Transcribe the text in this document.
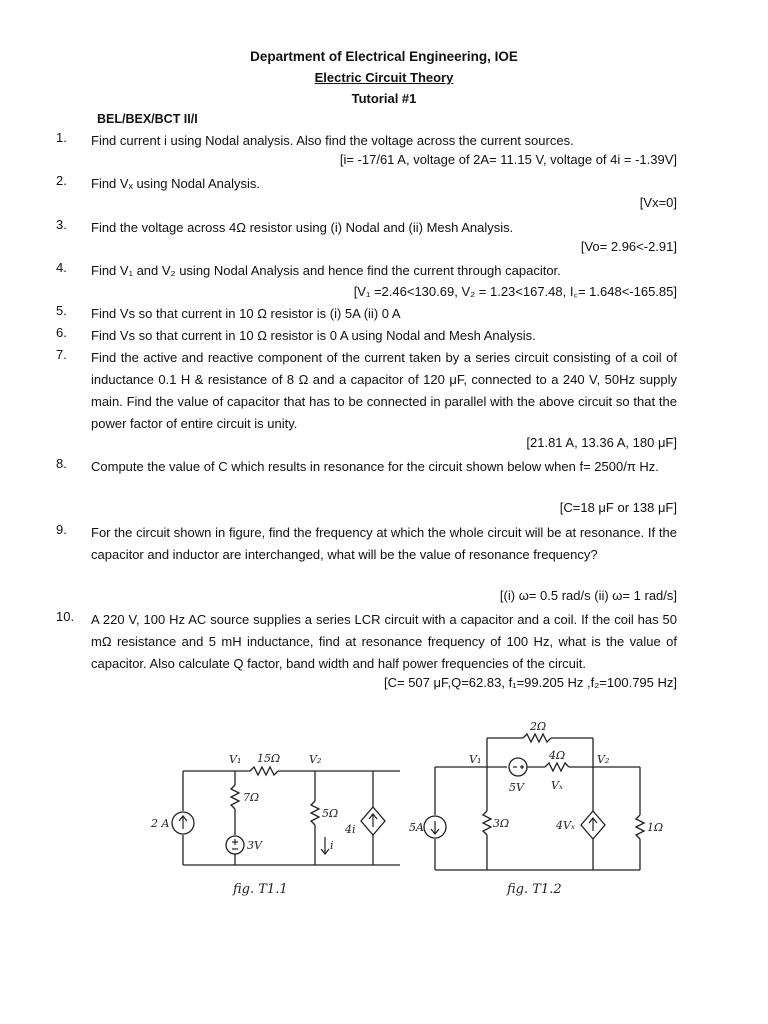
Department of Electrical Engineering, IOE
Electric Circuit Theory
Tutorial #1
BEL/BEX/BCT II/I
1. Find current i using Nodal analysis. Also find the voltage across the current sources.
[i= -17/61 A, voltage of 2A= 11.15 V, voltage of 4i = -1.39V]
2. Find Vₓ using Nodal Analysis.
[Vx=0]
3. Find the voltage across 4Ω resistor using (i) Nodal and (ii) Mesh Analysis.
[Vo= 2.96<-2.91]
4. Find V₁ and V₂ using Nodal Analysis and hence find the current through capacitor.
[V₁ =2.46<130.69, V₂ = 1.23<167.48, I꜀= 1.648<-165.85]
5. Find Vs so that current in 10 Ω resistor is (i) 5A (ii) 0 A
6. Find Vs so that current in 10 Ω resistor is 0 A using Nodal and Mesh Analysis.
7. Find the active and reactive component of the current taken by a series circuit consisting of a coil of inductance 0.1 H & resistance of 8 Ω and a capacitor of 120 μF, connected to a 240 V, 50Hz supply main. Find the value of capacitor that has to be connected in parallel with the above circuit so that the power factor of entire circuit is unity.
[21.81 A, 13.36 A, 180 μF]
8. Compute the value of C which results in resonance for the circuit shown below when f= 2500/π Hz.
[C=18 μF or 138 μF]
9. For the circuit shown in figure, find the frequency at which the whole circuit will be at resonance. If the capacitor and inductor are interchanged, what will be the value of resonance frequency?
[(i) ω= 0.5 rad/s (ii) ω= 1 rad/s]
10. A 220 V, 100 Hz AC source supplies a series LCR circuit with a capacitor and a coil. If the coil has 50 mΩ resistance and 5 mH inductance, find at resonance frequency of 100 Hz, what is the value of capacitor. Also calculate Q factor, band width and half power frequencies of the circuit.
[C= 507 μF,Q=62.83, f₁=99.205 Hz ,f₂=100.795 Hz]
V₁	V₂
15Ω
7Ω
5Ω
2 A
3V
4i
i
fig. T1.1
V₁	V₂
2Ω
4Ω
3Ω	1Ω
5A
5V Vₓ
4Vₓ
fig. T1.2
